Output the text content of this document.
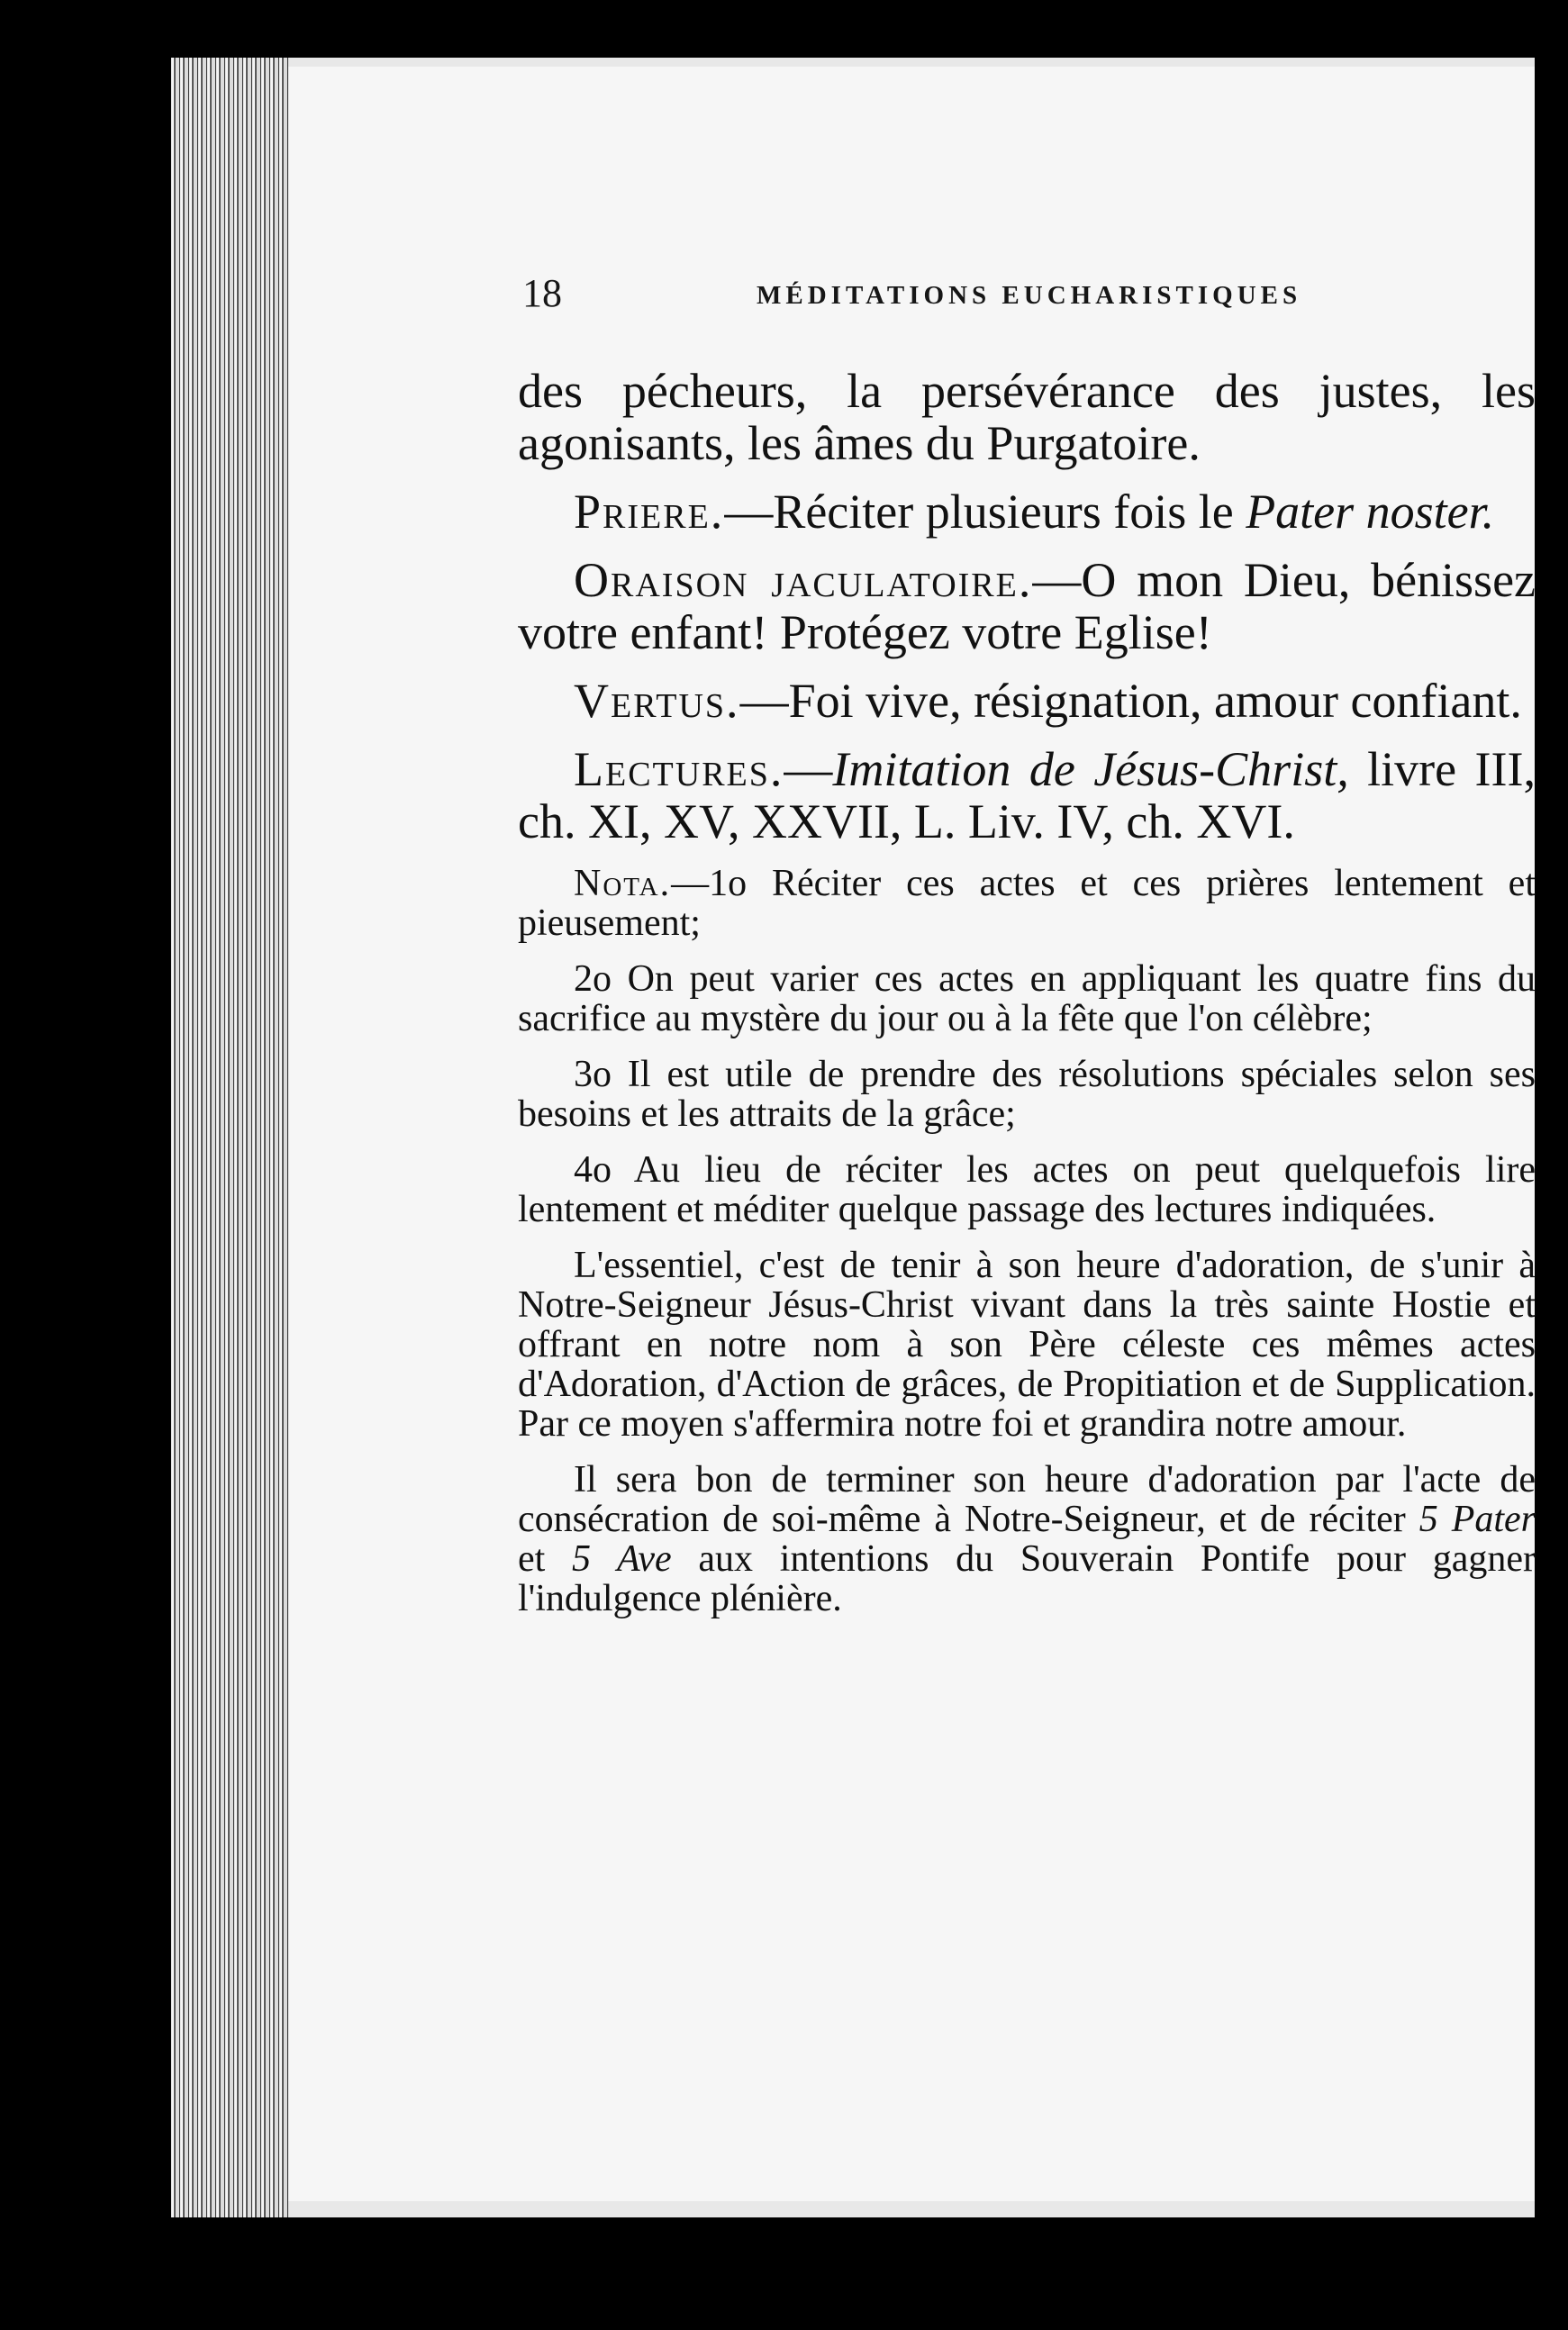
18	MÉDITATIONS EUCHARISTIQUES

des pécheurs, la persévérance des justes, les agonisants, les âmes du Purgatoire.

Priere.—Réciter plusieurs fois le Pater noster.

Oraison jaculatoire.—O mon Dieu, bénissez votre enfant! Protégez votre Eglise!

Vertus.—Foi vive, résignation, amour confiant.

Lectures.—Imitation de Jésus-Christ, livre III, ch. XI, XV, XXVII, L. Liv. IV, ch. XVI.

Nota.—1o Réciter ces actes et ces prières lentement et pieusement;

2o On peut varier ces actes en appliquant les quatre fins du sacrifice au mystère du jour ou à la fête que l'on célèbre;

3o Il est utile de prendre des résolutions spéciales selon ses besoins et les attraits de la grâce;

4o Au lieu de réciter les actes on peut quelquefois lire lentement et méditer quelque passage des lectures indiquées.

L'essentiel, c'est de tenir à son heure d'adoration, de s'unir à Notre-Seigneur Jésus-Christ vivant dans la très sainte Hostie et offrant en notre nom à son Père céleste ces mêmes actes d'Adoration, d'Action de grâces, de Propitiation et de Supplication. Par ce moyen s'affermira notre foi et grandira notre amour.

Il sera bon de terminer son heure d'adoration par l'acte de consécration de soi-même à Notre-Seigneur, et de réciter 5 Pater et 5 Ave aux intentions du Souverain Pontife pour gagner l'indulgence plénière.
